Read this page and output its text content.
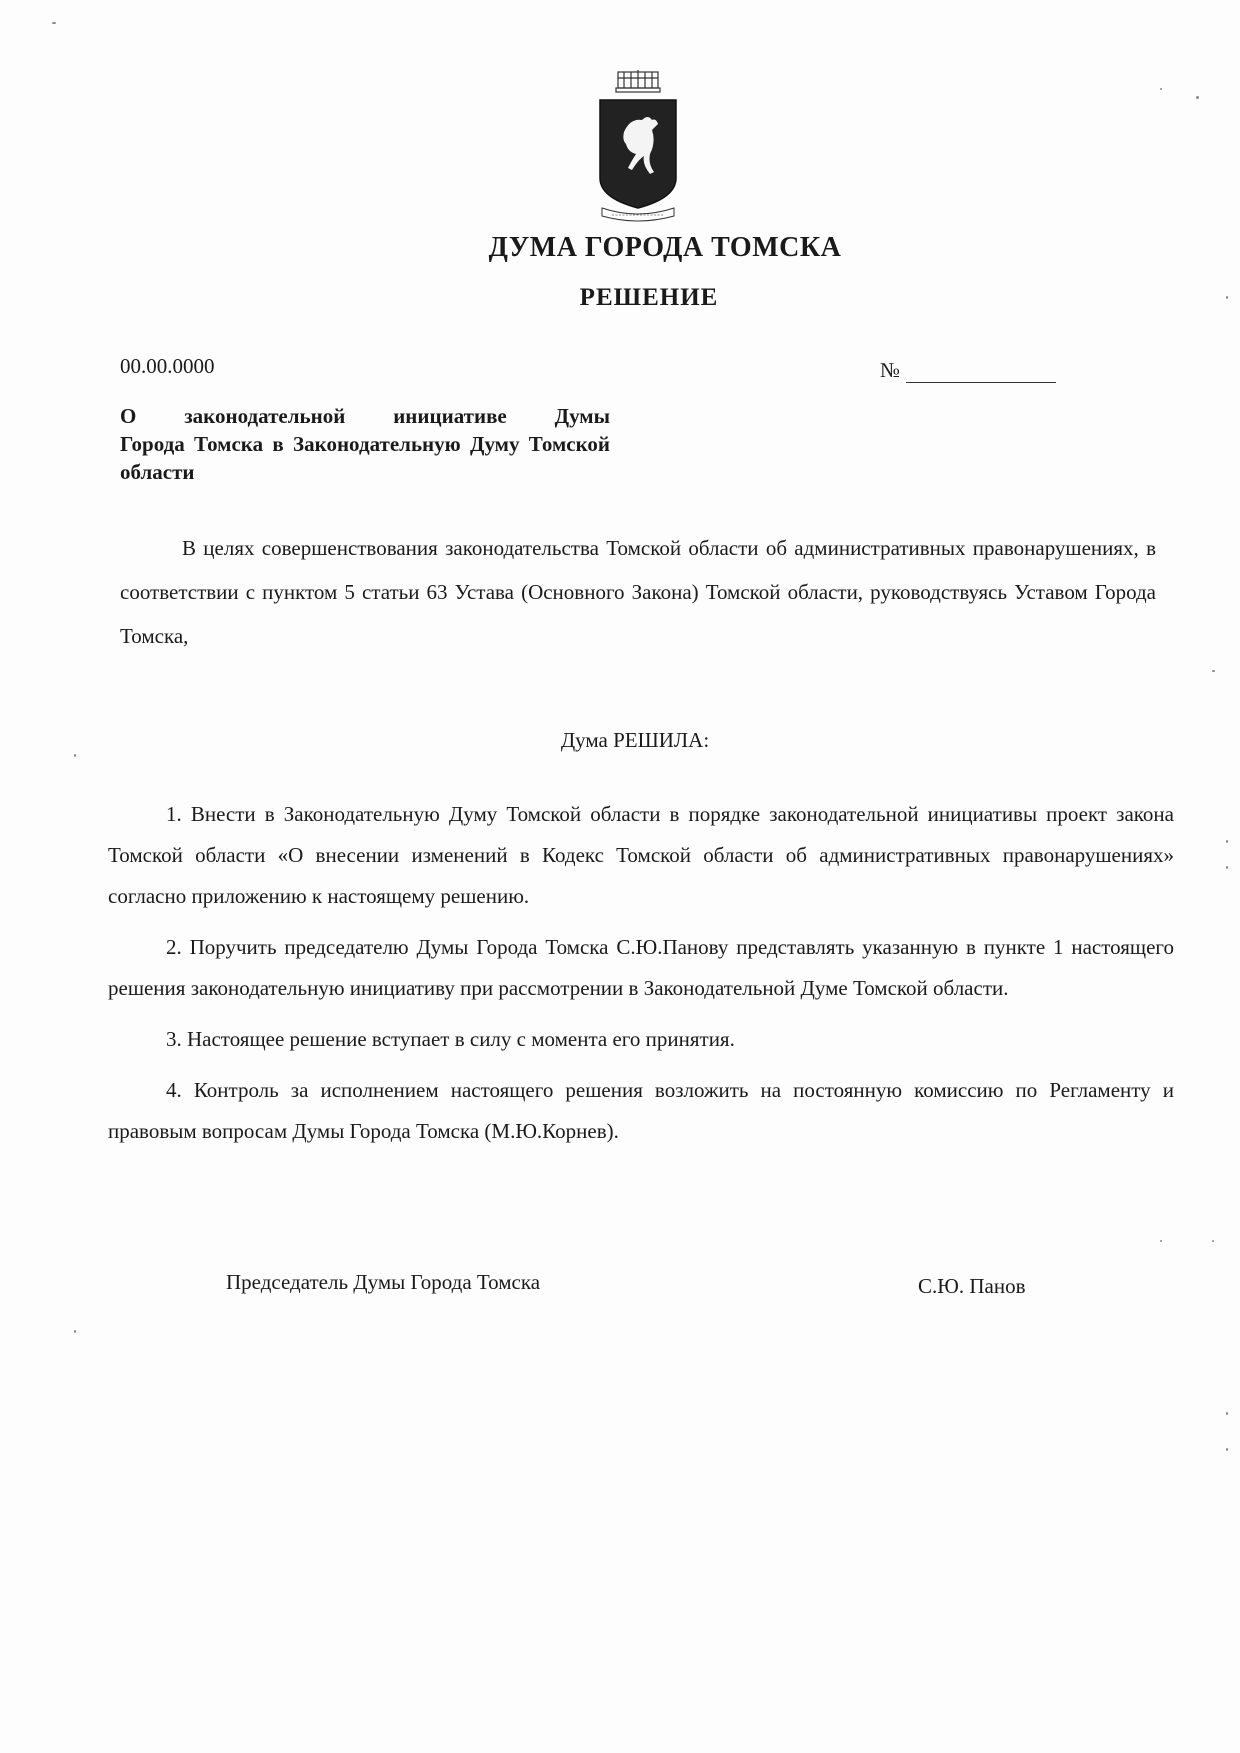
ДУМА ГОРОДА ТОМСКА
РЕШЕНИЕ
00.00.0000	№
О законодательной инициативе Думы
Города Томска в Законодательную Думу Томской области
В целях совершенствования законодательства Томской области об административных правонарушениях, в соответствии с пунктом 5 статьи 63 Устава (Основного Закона) Томской области, руководствуясь Уставом Города Томска,
Дума РЕШИЛА:

1. Внести в Законодательную Думу Томской области в порядке законодательной инициативы проект закона Томской области «О внесении изменений в Кодекс Томской области об административных правонарушениях» согласно приложению к настоящему решению.

2. Поручить председателю Думы Города Томска С.Ю.Панову представлять указанную в пункте 1 настоящего решения законодательную инициативу при рассмотрении в Законодательной Думе Томской области.

3. Настоящее решение вступает в силу с момента его принятия.

4. Контроль за исполнением настоящего решения возложить на постоянную комиссию по Регламенту и правовым вопросам Думы Города Томска (М.Ю.Корнев).

Председатель Думы Города Томска	С.Ю. Панов
